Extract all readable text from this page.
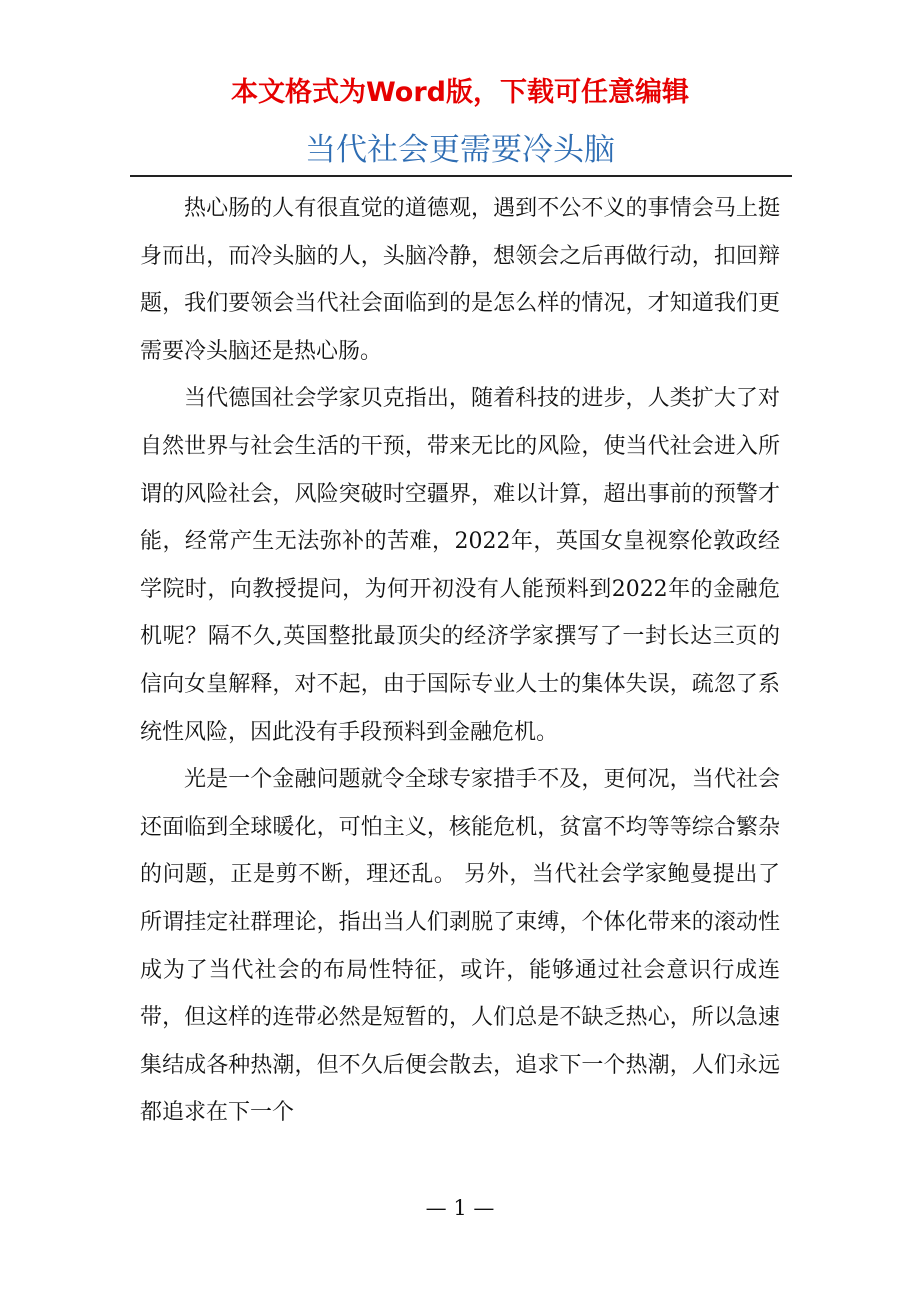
本文格式为Word版，下载可任意编辑
当代社会更需要冷头脑

热心肠的人有很直觉的道德观，遇到不公不义的事情会马上挺身而出，而冷头脑的人，头脑冷静，想领会之后再做行动，扣回辩题，我们要领会当代社会面临到的是怎么样的情况，才知道我们更需要冷头脑还是热心肠。

当代德国社会学家贝克指出，随着科技的进步，人类扩大了对自然世界与社会生活的干预，带来无比的风险，使当代社会进入所谓的风险社会，风险突破时空疆界，难以计算，超出事前的预警才能，经常产生无法弥补的苦难，2022年，英国女皇视察伦敦政经学院时，向教授提问，为何开初没有人能预料到2022年的金融危机呢？隔不久,英国整批最顶尖的经济学家撰写了一封长达三页的信向女皇解释，对不起，由于国际专业人士的集体失误，疏忽了系统性风险，因此没有手段预料到金融危机。

光是一个金融问题就令全球专家措手不及，更何况，当代社会还面临到全球暖化，可怕主义，核能危机，贫富不均等等综合繁杂的问题，正是剪不断，理还乱。 另外，当代社会学家鲍曼提出了所谓挂定社群理论，指出当人们剥脱了束缚，个体化带来的滚动性成为了当代社会的布局性特征，或许，能够通过社会意识行成连带，但这样的连带必然是短暂的，人们总是不缺乏热心，所以急速集结成各种热潮，但不久后便会散去，追求下一个热潮，人们永远都追求在下一个

— 1 —
